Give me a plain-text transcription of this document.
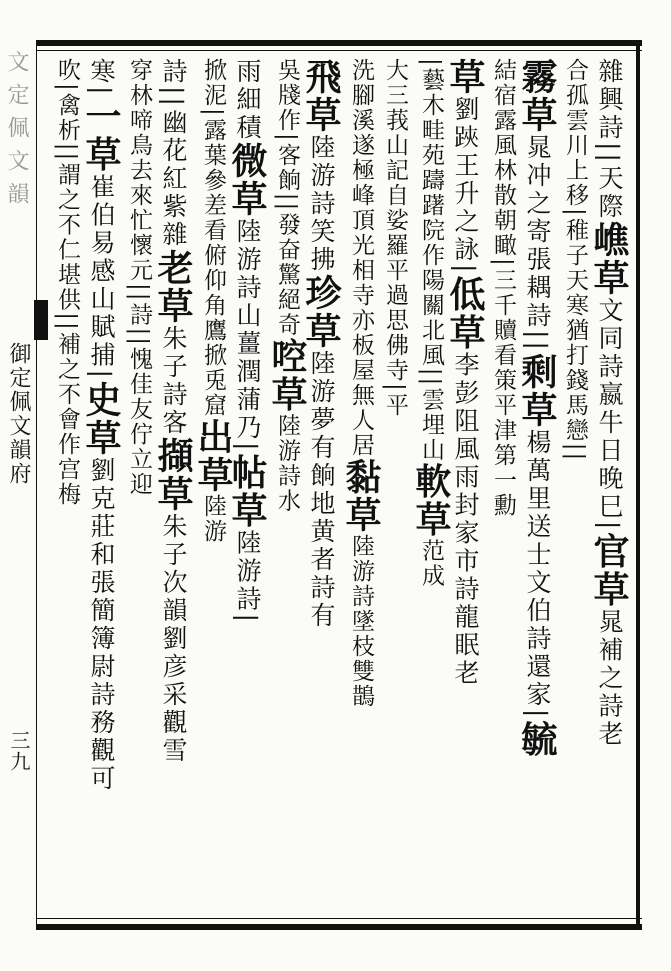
文 定 佩 文 韻
御定佩文韻府
三九
雜興詩||天際嶕草文同詩嬴牛日晚巳|官草晁補之詩老
合孤雲川上移|稚子天寒猶打錢馬戀||
霧草晁冲之寄張耦詩||剩草楊萬里送士文伯詩還家|毓
結宿露風林散朝瞰|三千贖看策平津第一勳
草劉𨁂王升之詠|低草李彭阻風雨封家市詩龍眠老
|藝木畦苑躊躇院作陽關北風||雲埋山軟草范成
大三莪山記自娑羅平過思佛寺|平
洗腳溪遂極峰頂光相寺亦板屋無人居黏草陸游詩墜枝雙鵲
飛草陸游詩笑拂珍草陸游夢有餉地黄者詩有
吳牋作|客餉||發奋驚絕奇啌草陸游詩水
雨細積微草陸游詩山薑潤蒲乃|帖草陸游詩|
掀泥|露葉參差看俯仰角鷹掀兎窟出草陸游
詩||幽花紅紫雜老草朱子詩客擷草朱子次韻劉彦采觀雪
穿林啼鳥去來忙懷元||詩||愧佳友佇立迎
寒|一草崔伯易感山賦捕|史草劉克莊和張簡簿尉詩務觀可
吹|禽析||謂之不仁堪供||補之不會作宫梅
